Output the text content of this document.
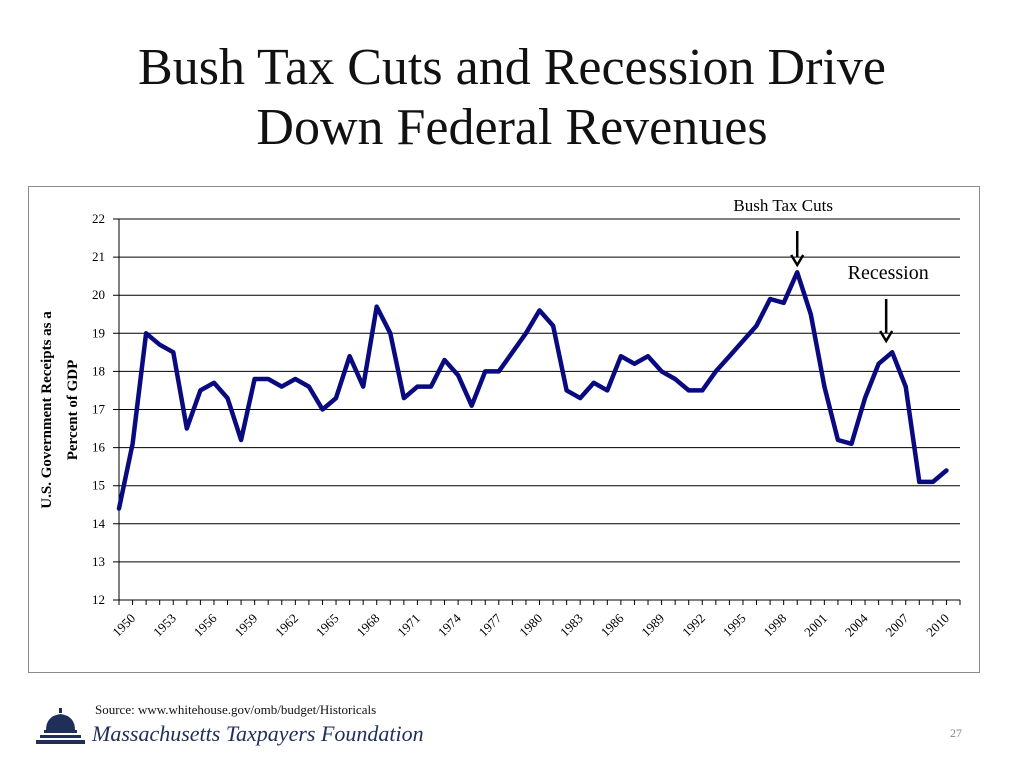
Bush Tax Cuts and Recession Drive
Down Federal Revenues
12
13
14
15
16
17
18
19
20
21
22
1950 1953 1956 1959 1962 1965 1968 1971 1974 1977 1980 1983 1986 1989 1992 1995 1998 2001 2004 2007 2010
U.S. Government Receipts as a Percent of GDP
Bush Tax Cuts
Recession
Source: www.whitehouse.gov/omb/budget/Historicals
Massachusetts Taxpayers Foundation	27
